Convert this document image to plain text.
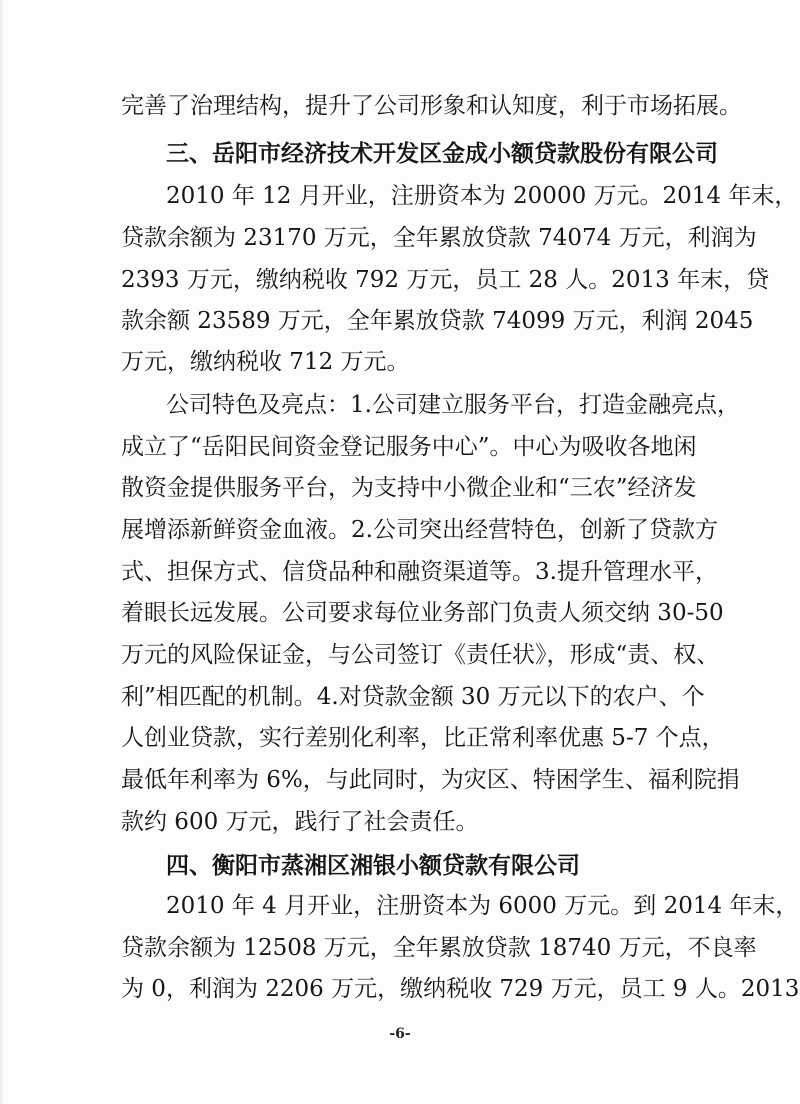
完善了治理结构，提升了公司形象和认知度，利于市场拓展。
三、岳阳市经济技术开发区金成小额贷款股份有限公司
2010 年 12 月开业，注册资本为 20000 万元。2014 年末，
贷款余额为 23170 万元，全年累放贷款 74074 万元，利润为
2393 万元，缴纳税收 792 万元，员工 28 人。2013 年末，贷
款余额 23589 万元，全年累放贷款 74099 万元，利润 2045
万元，缴纳税收 712 万元。
公司特色及亮点：1.公司建立服务平台，打造金融亮点，
成立了“岳阳民间资金登记服务中心”。中心为吸收各地闲
散资金提供服务平台，为支持中小微企业和“三农”经济发
展增添新鲜资金血液。2.公司突出经营特色，创新了贷款方
式、担保方式、信贷品种和融资渠道等。3.提升管理水平，
着眼长远发展。公司要求每位业务部门负责人须交纳 30-50
万元的风险保证金，与公司签订《责任状》，形成“责、权、
利”相匹配的机制。4.对贷款金额 30 万元以下的农户、个
人创业贷款，实行差别化利率，比正常利率优惠 5-7 个点，
最低年利率为 6%，与此同时，为灾区、特困学生、福利院捐
款约 600 万元，践行了社会责任。
四、衡阳市蒸湘区湘银小额贷款有限公司
2010 年 4 月开业，注册资本为 6000 万元。到 2014 年末，
贷款余额为 12508 万元，全年累放贷款 18740 万元，不良率
为 0，利润为 2206 万元，缴纳税收 729 万元，员工 9 人。2013
-6-
